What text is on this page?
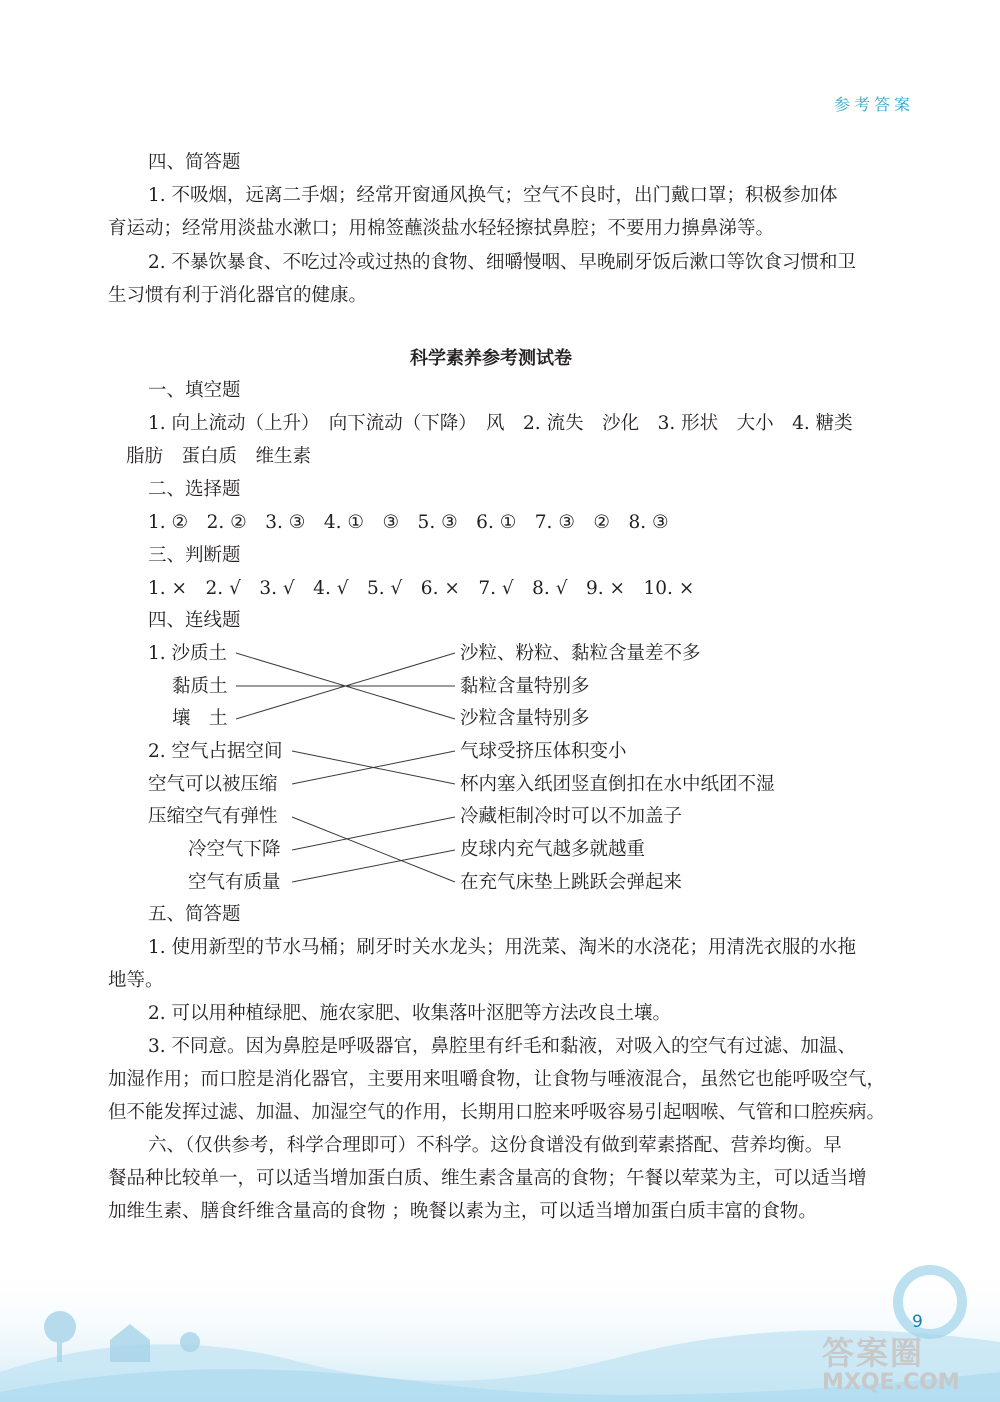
参考答案
四、简答题
1. 不吸烟，远离二手烟；经常开窗通风换气；空气不良时，出门戴口罩；积极参加体
育运动；经常用淡盐水漱口；用棉签蘸淡盐水轻轻擦拭鼻腔；不要用力擤鼻涕等。
2. 不暴饮暴食、不吃过冷或过热的食物、细嚼慢咽、早晚刷牙饭后漱口等饮食习惯和卫
生习惯有利于消化器官的健康。
科学素养参考测试卷
一、填空题
1. 向上流动（上升）　向下流动（下降）　风　2. 流失　沙化　3. 形状　大小　4. 糖类
脂肪　蛋白质　维生素
二、选择题
1. ②　2. ②　3. ③　4. ①　③　5. ③　6. ①　7. ③　②　8. ③
三、判断题
1. ×　2. √　3. √　4. √　5. √　6. ×　7. √　8. √　9. ×　10. ×
四、连线题
1. 沙质土
黏质土
壤　土
沙粒、粉粒、黏粒含量差不多
黏粒含量特别多
沙粒含量特别多
2. 空气占据空间
空气可以被压缩
压缩空气有弹性
冷空气下降
空气有质量
气球受挤压体积变小
杯内塞入纸团竖直倒扣在水中纸团不湿
冷藏柜制冷时可以不加盖子
皮球内充气越多就越重
在充气床垫上跳跃会弹起来
五、简答题
1. 使用新型的节水马桶；刷牙时关水龙头；用洗菜、淘米的水浇花；用清洗衣服的水拖
地等。
2. 可以用种植绿肥、施农家肥、收集落叶沤肥等方法改良土壤。
3. 不同意。因为鼻腔是呼吸器官，鼻腔里有纤毛和黏液，对吸入的空气有过滤、加温、
加湿作用；而口腔是消化器官，主要用来咀嚼食物，让食物与唾液混合，虽然它也能呼吸空气，
但不能发挥过滤、加温、加湿空气的作用，长期用口腔来呼吸容易引起咽喉、气管和口腔疾病。
六、（仅供参考，科学合理即可）不科学。这份食谱没有做到荤素搭配、营养均衡。早
餐品种比较单一，可以适当增加蛋白质、维生素含量高的食物；午餐以荤菜为主，可以适当增
加维生素、膳食纤维含量高的食物 ；晚餐以素为主，可以适当增加蛋白质丰富的食物。
9
答案圈
MXQE.COM
